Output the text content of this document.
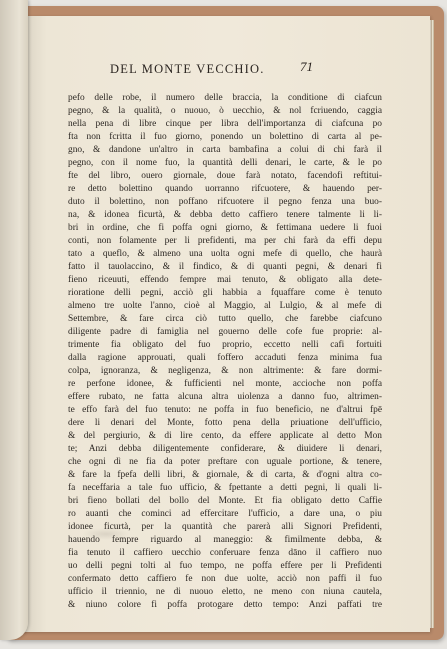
DEL MONTE VECCHIO.	71
pefo delle robe, il numero delle braccia, la conditione di ciafcun
pegno, & la qualità, o nuouo, ò uecchio, & nol fcriuendo, caggia
nella pena di libre cinque per libra dell'importanza di ciafcuna po
fta non fcritta il fuo giorno, ponendo un bolettino di carta al pe-
gno, & dandone un'altro in carta bambafina a colui di chi farà il
pegno, con il nome fuo, la quantità delli denari, le carte, & le po
fte del libro, ouero giornale, doue farà notato, facendofi reftitui-
re detto bolettino quando uorranno rifcuotere, & hauendo per-
duto il bolettino, non poffano rifcuotere il pegno fenza una buo-
na, & idonea ficurtà, & debba detto caffiero tenere talmente li li-
bri in ordine, che fi poffa ogni giorno, & fettimana uedere li fuoi
conti, non folamente per li prefidenti, ma per chi farà da effi depu
tato a queflo, & almeno una uolta ogni mefe di quello, che haurà
fatto il tauolaccino, & il findico, & di quanti pegni, & denari fi
fieno riceuuti, effendo fempre mai tenuto, & obligato alla dete-
rioratione delli pegni, acciò gli habbia a fquaffare come è tenuto
almeno tre uolte l'anno, cioè al Maggio, al Lulgio, & al mefe di
Settembre, & fare circa ciò tutto quello, che farebbe ciafcuno
diligente padre di famiglia nel gouerno delle cofe fue proprie: al-
trimente fia obligato del fuo proprio, eccetto nelli cafi fortuiti
dalla ragione approuati, quali foffero accaduti fenza minima fua
colpa, ignoranza, & negligenza, & non altrimente: & fare dormi-
re perfone idonee, & fufficienti nel monte, accioche non poffa
effere rubato, ne fatta alcuna altra uiolenza a danno fuo, altrimen-
te effo farà del fuo tenuto: ne poffa in fuo beneficio, ne d'altrui fpē
dere li denari del Monte, fotto pena della priuatione dell'ufficio,
& del pergiurio, & di lire cento, da effere applicate al detto Mon
te; Anzi debba diligentemente confiderare, & diuidere li denari,
che ogni dì ne fia da poter preftare con uguale portione, & tenere,
& fare la fpefa delli libri, & giornale, & di carta, & d'ogni altra co-
fa neceffaria a tale fuo ufficio, & fpettante a detti pegni, li quali li-
bri fieno bollati del bollo del Monte. Et fia obligato detto Caffie
ro auanti che cominci ad effercitare l'ufficio, a dare una, o piu
idonee ficurtà, per la quantità che parerà alli Signori Prefidenti,
hauendo fempre riguardo al maneggio: & fimilmente debba, &
fia tenuto il caffiero uecchio conferuare fenza dāno il caffiero nuo
uo delli pegni tolti al fuo tempo, ne poffa effere per li Prefidenti
confermato detto caffiero fe non due uolte, acciò non paffi il fuo
ufficio il triennio, ne di nuouo eletto, ne meno con niuna cautela,
& niuno colore fi poffa protogare detto tempo: Anzi paffati tre
